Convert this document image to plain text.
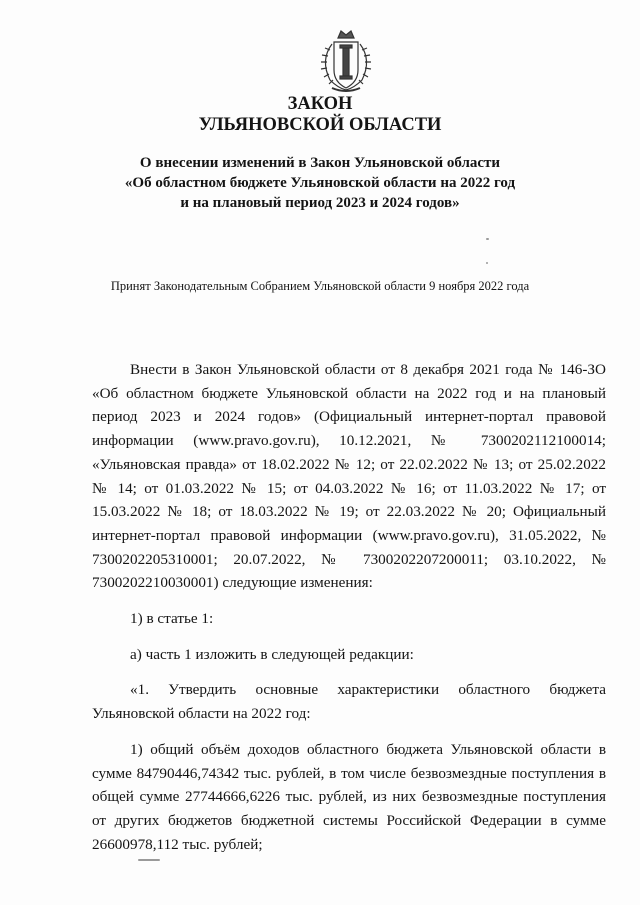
ЗАКОН
УЛЬЯНОВСКОЙ ОБЛАСТИ
О внесении изменений в Закон Ульяновской области
«Об областном бюджете Ульяновской области на 2022 год
и на плановый период 2023 и 2024 годов»
Принят Законодательным Собранием Ульяновской области 9 ноября 2022 года

Внести в Закон Ульяновской области от 8 декабря 2021 года № 146-ЗО «Об областном бюджете Ульяновской области на 2022 год и на плановый период 2023 и 2024 годов» (Официальный интернет-портал правовой информации (www.pravo.gov.ru), 10.12.2021, № 7300202112100014; «Ульяновская правда» от 18.02.2022 № 12; от 22.02.2022 № 13; от 25.02.2022 № 14; от 01.03.2022 № 15; от 04.03.2022 № 16; от 11.03.2022 № 17; от 15.03.2022 № 18; от 18.03.2022 № 19; от 22.03.2022 № 20; Официальный интернет-портал правовой информации (www.pravo.gov.ru), 31.05.2022, № 7300202205310001; 20.07.2022, № 7300202207200011; 03.10.2022, № 7300202210030001) следующие изменения:

1) в статье 1:

а) часть 1 изложить в следующей редакции:

«1. Утвердить основные характеристики областного бюджета Ульяновской области на 2022 год:

1) общий объём доходов областного бюджета Ульяновской области в сумме 84790446,74342 тыс. рублей, в том числе безвозмездные поступления в общей сумме 27744666,6226 тыс. рублей, из них безвозмездные поступления от других бюджетов бюджетной системы Российской Федерации в сумме 26600978,112 тыс. рублей;
